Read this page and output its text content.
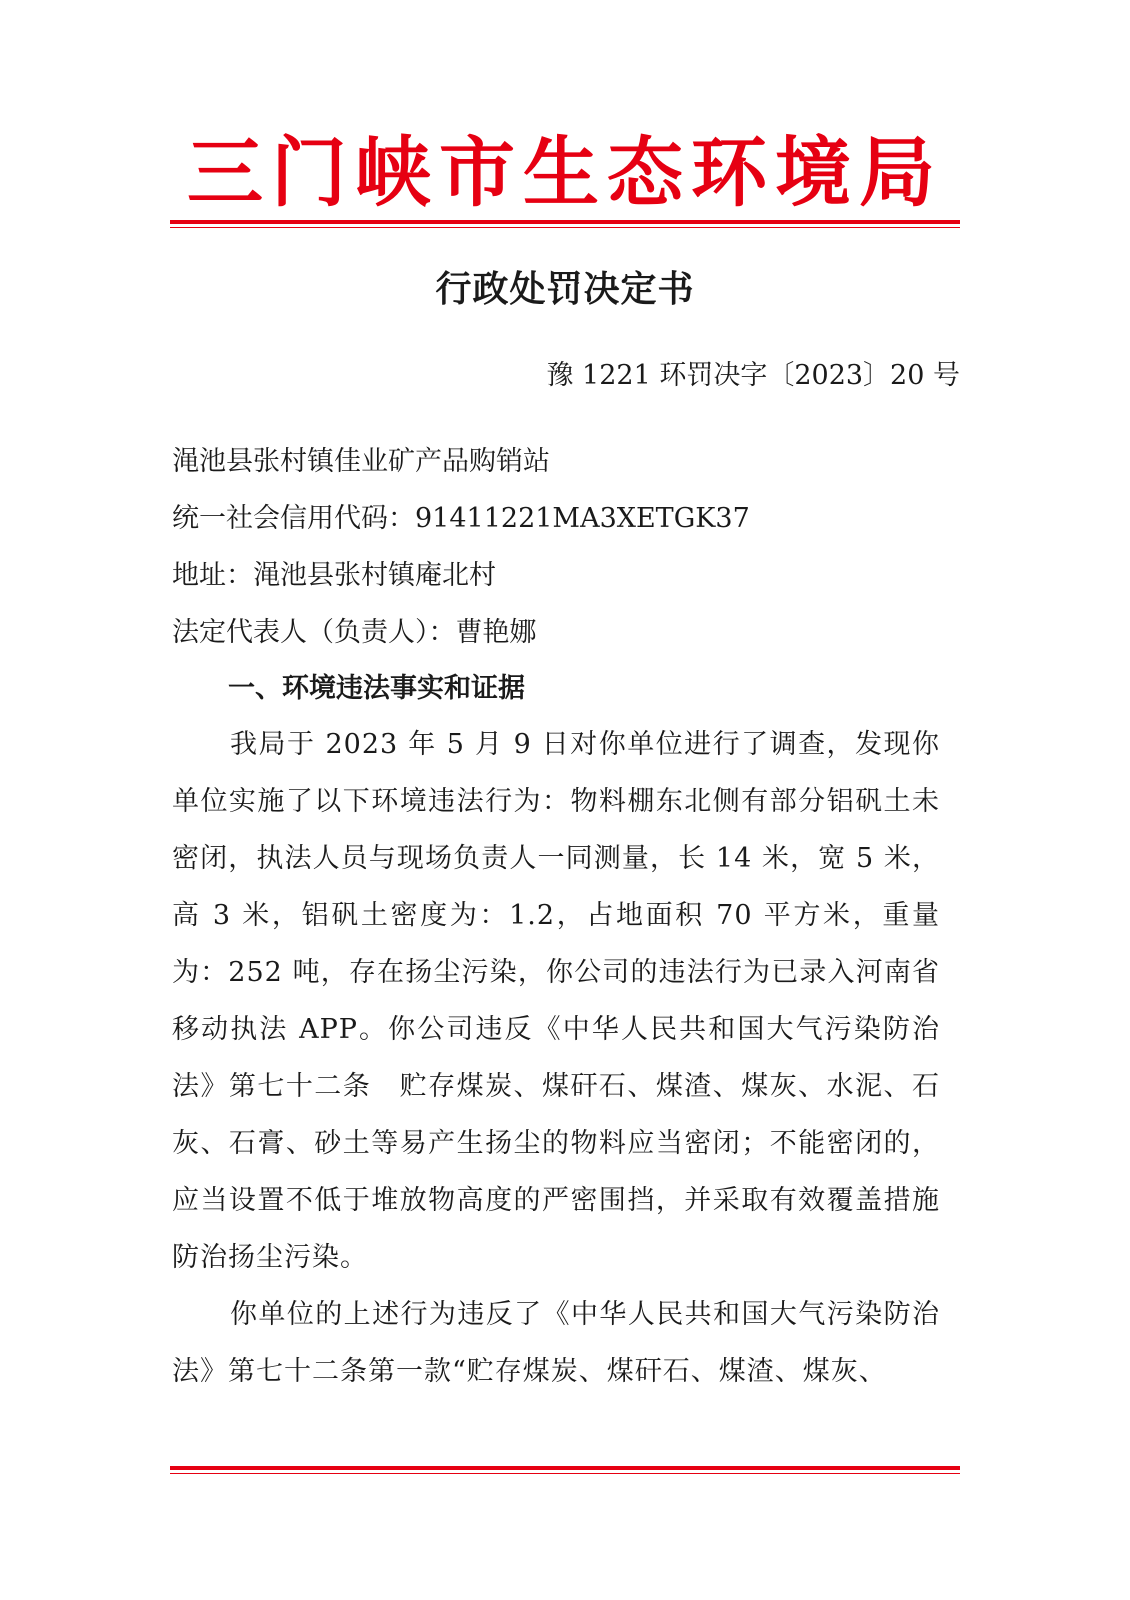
三门峡市生态环境局
行政处罚决定书
豫 1221 环罚决字〔2023〕20 号
渑池县张村镇佳业矿产品购销站
统一社会信用代码：91411221MA3XETGK37
地址：渑池县张村镇庵北村
法定代表人（负责人）：曹艳娜
一、环境违法事实和证据
我局于 2023 年 5 月 9 日对你单位进行了调查，发现你单位实施了以下环境违法行为：物料棚东北侧有部分铝矾土未密闭，执法人员与现场负责人一同测量，长 14 米，宽 5 米，高 3 米，铝矾土密度为：1.2，占地面积 70 平方米，重量为：252 吨，存在扬尘污染，你公司的违法行为已录入河南省移动执法 APP。你公司违反《中华人民共和国大气污染防治法》第七十二条　贮存煤炭、煤矸石、煤渣、煤灰、水泥、石灰、石膏、砂土等易产生扬尘的物料应当密闭；不能密闭的，应当设置不低于堆放物高度的严密围挡，并采取有效覆盖措施防治扬尘污染。
你单位的上述行为违反了《中华人民共和国大气污染防治法》第七十二条第一款“贮存煤炭、煤矸石、煤渣、煤灰、
